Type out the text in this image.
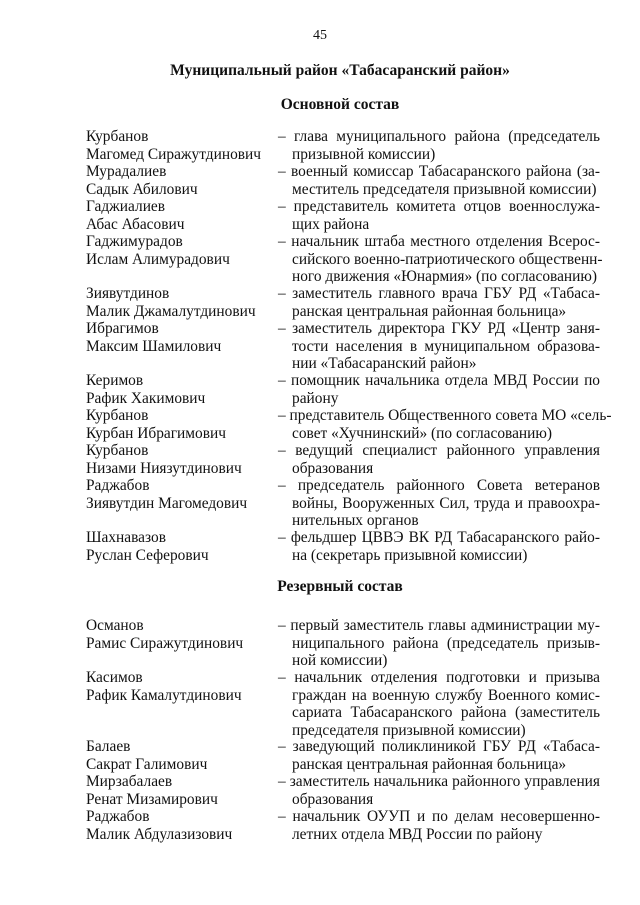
45
Муниципальный район «Табасаранский район»
Основной состав
Резервный состав
Курбанов
Магомед Сиражутдинович
– глава муниципального района (председатель
призывной комиссии)
Мурадалиев
Садык Абилович
– военный комиссар Табасаранского района (за-
меститель председателя призывной комиссии)
Гаджиалиев
Абас Абасович
– представитель комитета отцов военнослужа-
щих района
Гаджимурадов
Ислам Алимурадович
– начальник штаба местного отделения Всерос-
сийского военно-патриотического общественн-
ного движения «Юнармия» (по согласованию)
Зиявутдинов
Малик Джамалутдинович
– заместитель главного врача ГБУ РД «Табаса-
ранская центральная районная больница»
Ибрагимов
Максим Шамилович
– заместитель директора ГКУ РД «Центр заня-
тости населения в муниципальном образова-
нии «Табасаранский район»
Керимов
Рафик Хакимович
– помощник начальника отдела МВД России по
району
Курбанов
Курбан Ибрагимович
– представитель Общественного совета МО «сель-
совет «Хучнинский» (по согласованию)
Курбанов
Низами Ниязутдинович
– ведущий специалист районного управления
образования
Раджабов
Зиявутдин Магомедович
– председатель районного Совета ветеранов
войны, Вооруженных Сил, труда и правоохра-
нительных органов
Шахнавазов
Руслан Сеферович
– фельдшер ЦВВЭ ВК РД Табасаранского райо-
на (секретарь призывной комиссии)
Османов
Рамис Сиражутдинович
– первый заместитель главы администрации му-
ниципального района (председатель призыв-
ной комиссии)
Касимов
Рафик Камалутдинович
– начальник отделения подготовки и призыва
граждан на военную службу Военного комис-
сариата Табасаранского района (заместитель
председателя призывной комиссии)
Балаев
Сакрат Галимович
– заведующий поликлиникой ГБУ РД «Табаса-
ранская центральная районная больница»
Мирзабалаев
Ренат Мизамирович
– заместитель начальника районного управления
образования
Раджабов
Малик Абдулазизович
– начальник ОУУП и по делам несовершенно-
летних отдела МВД России по району
